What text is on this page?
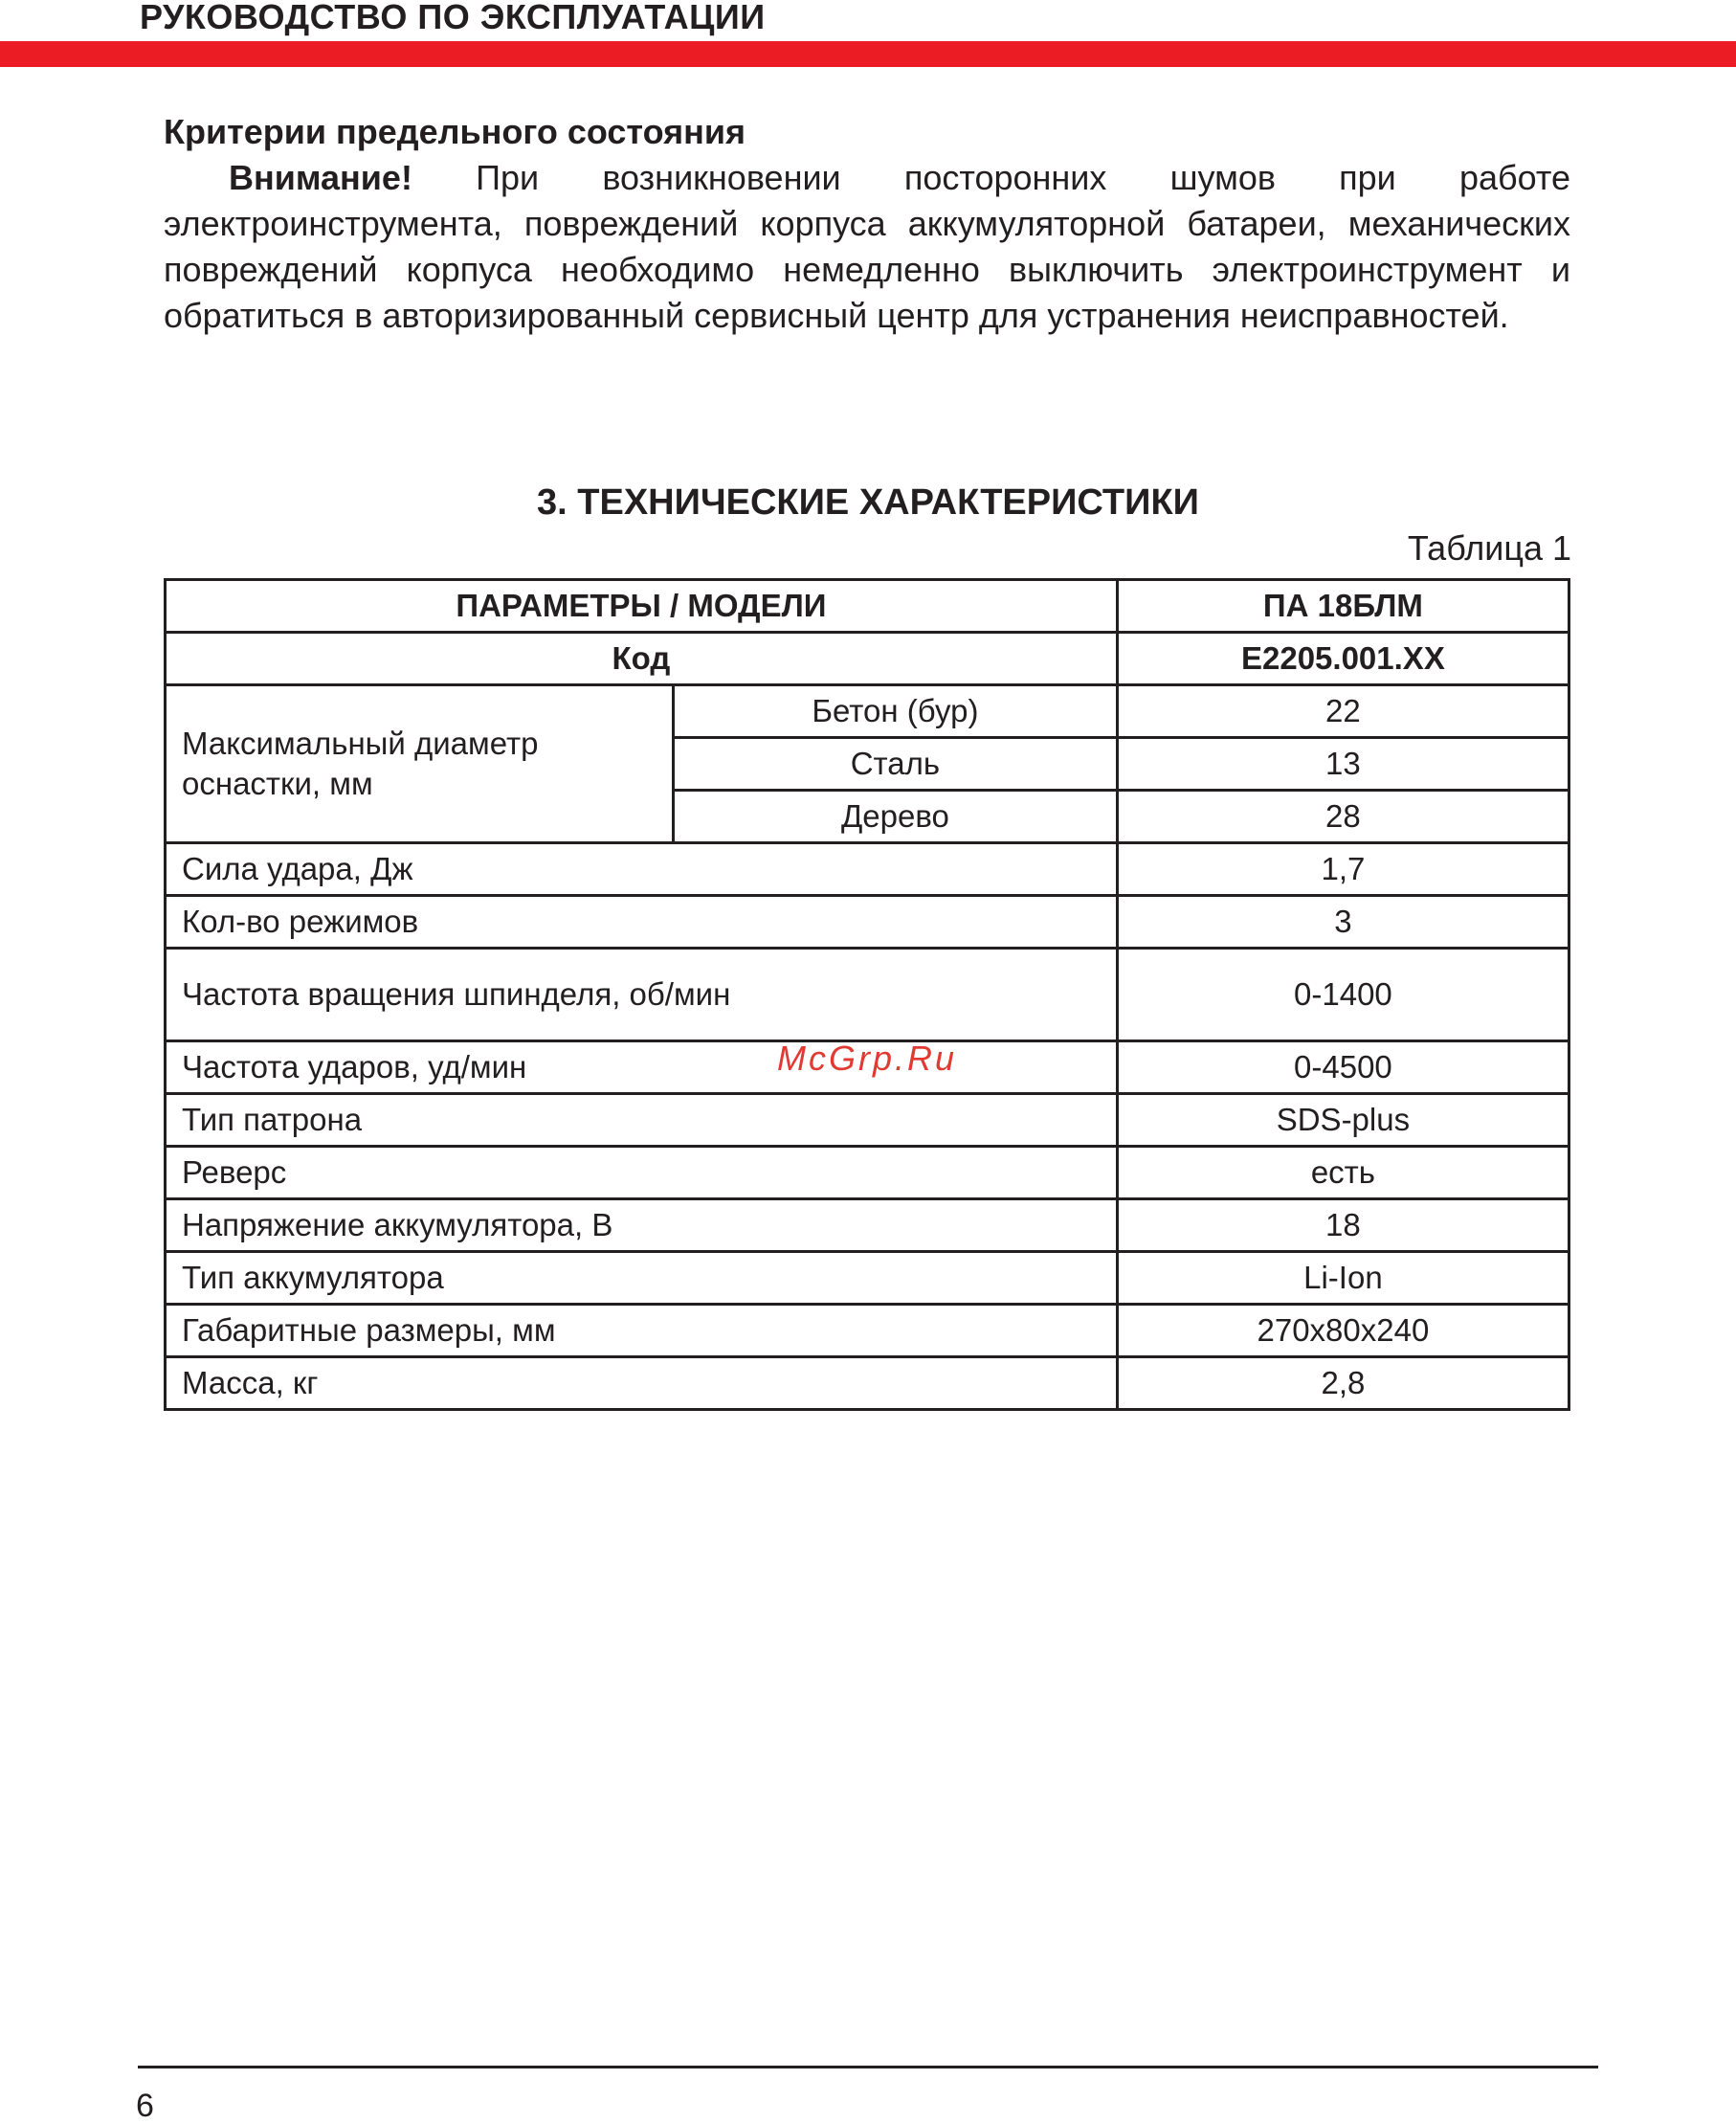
РУКОВОДСТВО ПО ЭКСПЛУАТАЦИИ

Критерии предельного состояния

Внимание! При возникновении посторонних шумов при работе электроинструмента, повреждений корпуса аккумуляторной батареи, механических повреждений корпуса необходимо немедленно выключить электроинструмент и обратиться в авторизированный сервисный центр для устранения неисправностей.

3. ТЕХНИЧЕСКИЕ ХАРАКТЕРИСТИКИ
Таблица 1
ПАРАМЕТРЫ / МОДЕЛИ		ПА 18БЛМ
Код		E2205.001.XX
Максимальный диаметр оснастки, мм	Бетон (бур)	22
	Сталь	13
	Дерево	28
Сила удара, Дж		1,7
Кол-во режимов		3
Частота вращения шпинделя, об/мин		0-1400
Частота ударов, уд/мин		0-4500
Тип патрона		SDS-plus
Реверс		есть
Напряжение аккумулятора, В		18
Тип аккумулятора		Li-Ion
Габаритные размеры, мм		270x80x240
Масса, кг		2,8
McGrp.Ru
6
